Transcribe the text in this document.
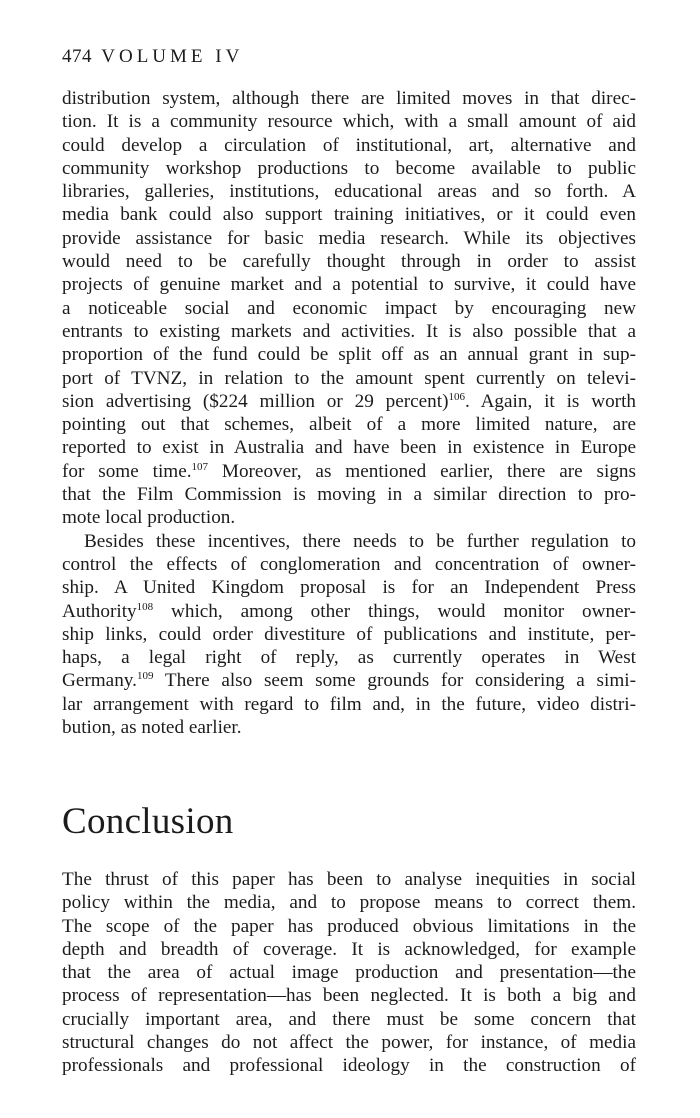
474 VOLUME IV
distribution system, although there are limited moves in that direc-
tion. It is a community resource which, with a small amount of aid
could develop a circulation of institutional, art, alternative and
community workshop productions to become available to public
libraries, galleries, institutions, educational areas and so forth. A
media bank could also support training initiatives, or it could even
provide assistance for basic media research. While its objectives
would need to be carefully thought through in order to assist
projects of genuine market and a potential to survive, it could have
a noticeable social and economic impact by encouraging new
entrants to existing markets and activities. It is also possible that a
proportion of the fund could be split off as an annual grant in sup-
port of TVNZ, in relation to the amount spent currently on televi-
sion advertising ($224 million or 29 percent)$^{106}$. Again, it is worth
pointing out that schemes, albeit of a more limited nature, are
reported to exist in Australia and have been in existence in Europe
for some time.$^{107}$ Moreover, as mentioned earlier, there are signs
that the Film Commission is moving in a similar direction to pro-
mote local production.
Besides these incentives, there needs to be further regulation to
control the effects of conglomeration and concentration of owner-
ship. A United Kingdom proposal is for an Independent Press
Authority$^{108}$ which, among other things, would monitor owner-
ship links, could order divestiture of publications and institute, per-
haps, a legal right of reply, as currently operates in West
Germany.$^{109}$ There also seem some grounds for considering a simi-
lar arrangement with regard to film and, in the future, video distri-
bution, as noted earlier.
Conclusion
The thrust of this paper has been to analyse inequities in social
policy within the media, and to propose means to correct them.
The scope of the paper has produced obvious limitations in the
depth and breadth of coverage. It is acknowledged, for example
that the area of actual image production and presentation—the
process of representation—has been neglected. It is both a big and
crucially important area, and there must be some concern that
structural changes do not affect the power, for instance, of media
professionals and professional ideology in the construction of
